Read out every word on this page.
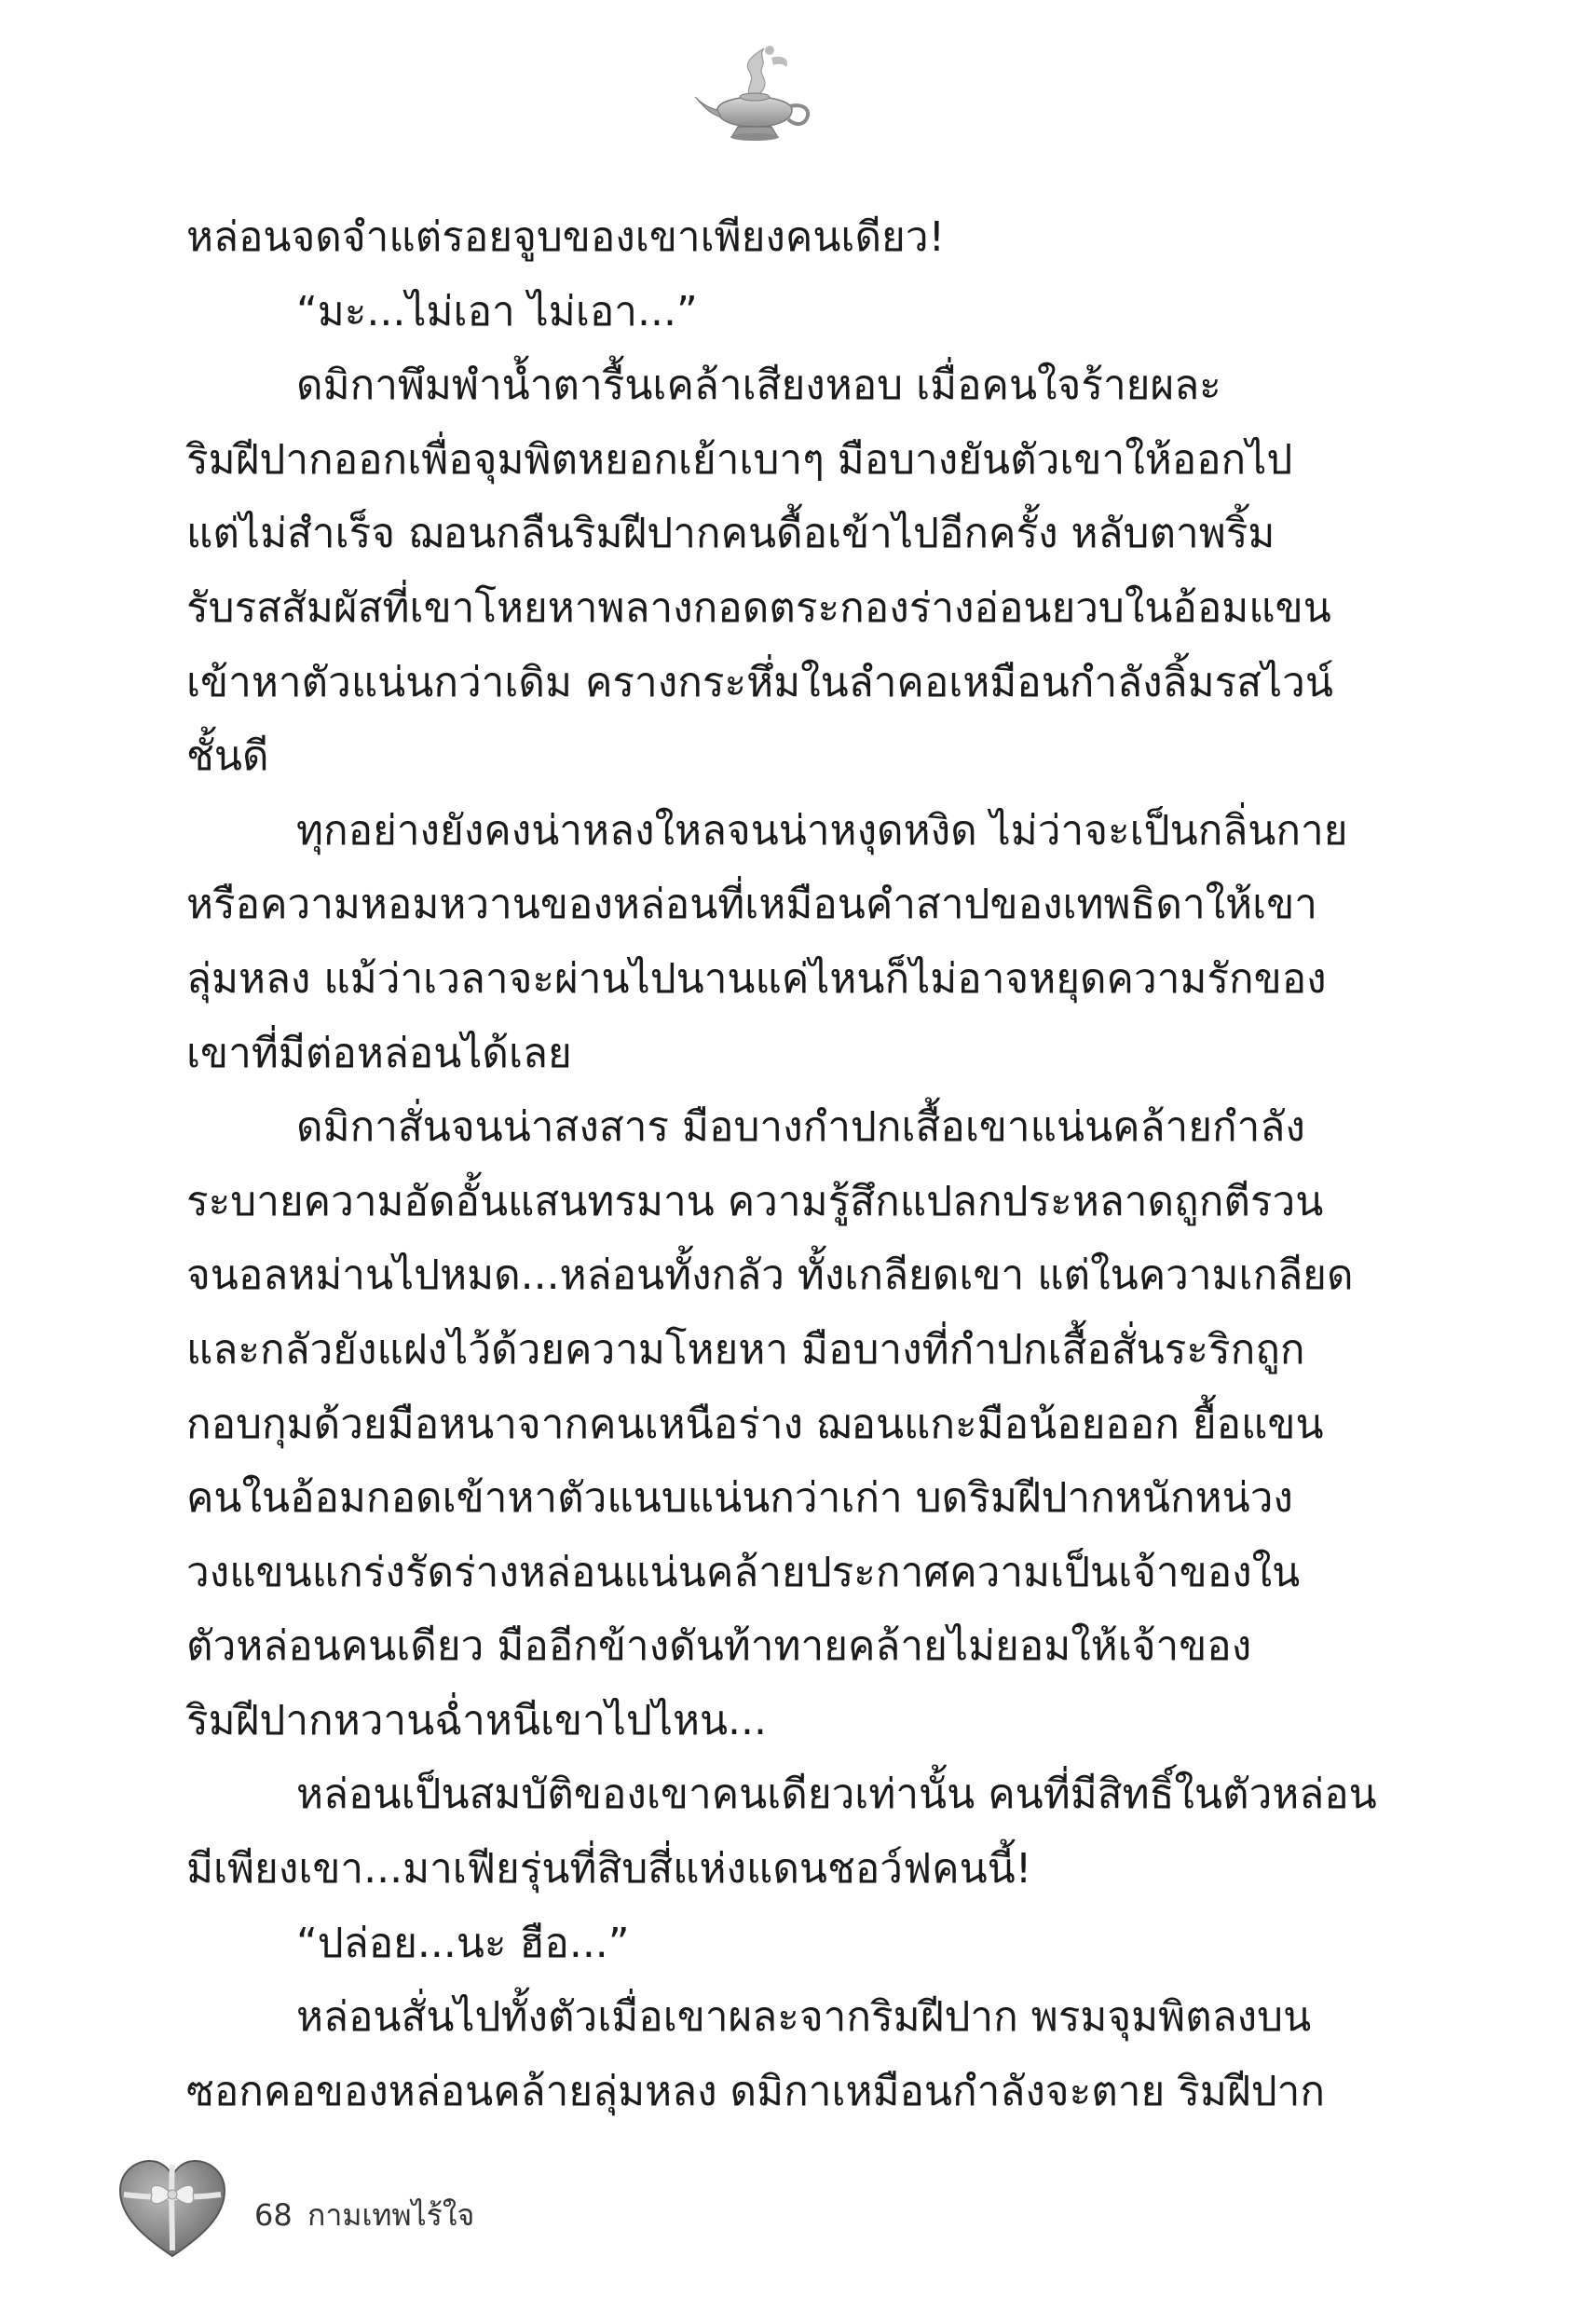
หล่อนจดจำแต่รอยจูบของเขาเพียงคนเดียว!
“มะ...ไม่เอา ไม่เอา...”
ดมิกาพึมพำน้ำตารื้นเคล้าเสียงหอบ เมื่อคนใจร้ายผละ
ริมฝีปากออกเพื่อจุมพิตหยอกเย้าเบาๆ มือบางยันตัวเขาให้ออกไป
แต่ไม่สำเร็จ ฌอนกลืนริมฝีปากคนดื้อเข้าไปอีกครั้ง หลับตาพริ้ม
รับรสสัมผัสที่เขาโหยหาพลางกอดตระกองร่างอ่อนยวบในอ้อมแขน
เข้าหาตัวแน่นกว่าเดิม ครางกระหึ่มในลำคอเหมือนกำลังลิ้มรสไวน์
ชั้นดี
ทุกอย่างยังคงน่าหลงใหลจนน่าหงุดหงิด ไม่ว่าจะเป็นกลิ่นกาย
หรือความหอมหวานของหล่อนที่เหมือนคำสาปของเทพธิดาให้เขา
ลุ่มหลง แม้ว่าเวลาจะผ่านไปนานแค่ไหนก็ไม่อาจหยุดความรักของ
เขาที่มีต่อหล่อนได้เลย
ดมิกาสั่นจนน่าสงสาร มือบางกำปกเสื้อเขาแน่นคล้ายกำลัง
ระบายความอัดอั้นแสนทรมาน ความรู้สึกแปลกประหลาดถูกตีรวน
จนอลหม่านไปหมด...หล่อนทั้งกลัว ทั้งเกลียดเขา แต่ในความเกลียด
และกลัวยังแฝงไว้ด้วยความโหยหา มือบางที่กำปกเสื้อสั่นระริกถูก
กอบกุมด้วยมือหนาจากคนเหนือร่าง ฌอนแกะมือน้อยออก ยื้อแขน
คนในอ้อมกอดเข้าหาตัวแนบแน่นกว่าเก่า บดริมฝีปากหนักหน่วง
วงแขนแกร่งรัดร่างหล่อนแน่นคล้ายประกาศความเป็นเจ้าของใน
ตัวหล่อนคนเดียว มืออีกข้างดันท้าทายคล้ายไม่ยอมให้เจ้าของ
ริมฝีปากหวานฉ่ำหนีเขาไปไหน...
หล่อนเป็นสมบัติของเขาคนเดียวเท่านั้น คนที่มีสิทธิ์ในตัวหล่อน
มีเพียงเขา...มาเฟียรุ่นที่สิบสี่แห่งแดนชอว์ฟคนนี้!
“ปล่อย...นะ ฮือ...”
หล่อนสั่นไปทั้งตัวเมื่อเขาผละจากริมฝีปาก พรมจุมพิตลงบน
ซอกคอของหล่อนคล้ายลุ่มหลง ดมิกาเหมือนกำลังจะตาย ริมฝีปาก
68 กามเทพไร้ใจ
